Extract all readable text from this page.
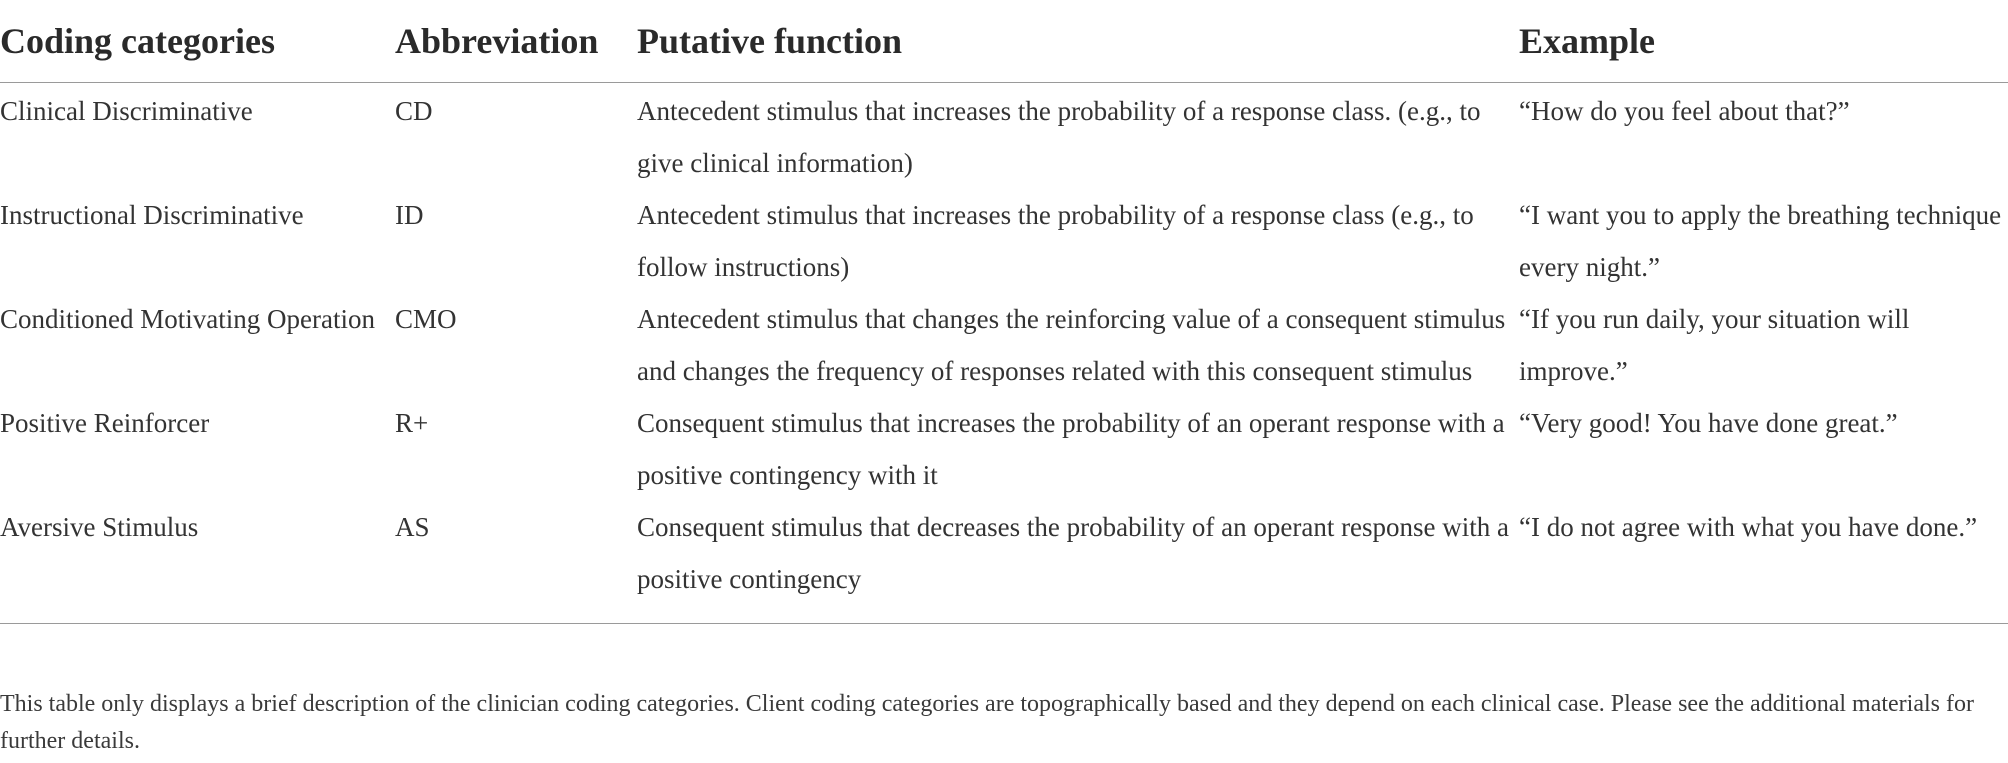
Coding categories	Abbreviation	Putative function	Example
Clinical Discriminative	CD	Antecedent stimulus that increases the probability of a response class. (e.g., to give clinical information)	“How do you feel about that?”
Instructional Discriminative	ID	Antecedent stimulus that increases the probability of a response class (e.g., to follow instructions)	“I want you to apply the breathing technique every night.”
Conditioned Motivating Operation	CMO	Antecedent stimulus that changes the reinforcing value of a consequent stimulus and changes the frequency of responses related with this consequent stimulus	“If you run daily, your situation will improve.”
Positive Reinforcer	R+	Consequent stimulus that increases the probability of an operant response with a positive contingency with it	“Very good! You have done great.”
Aversive Stimulus	AS	Consequent stimulus that decreases the probability of an operant response with a positive contingency	“I do not agree with what you have done.”
This table only displays a brief description of the clinician coding categories. Client coding categories are topographically based and they depend on each clinical case. Please see the additional materials for further details.
